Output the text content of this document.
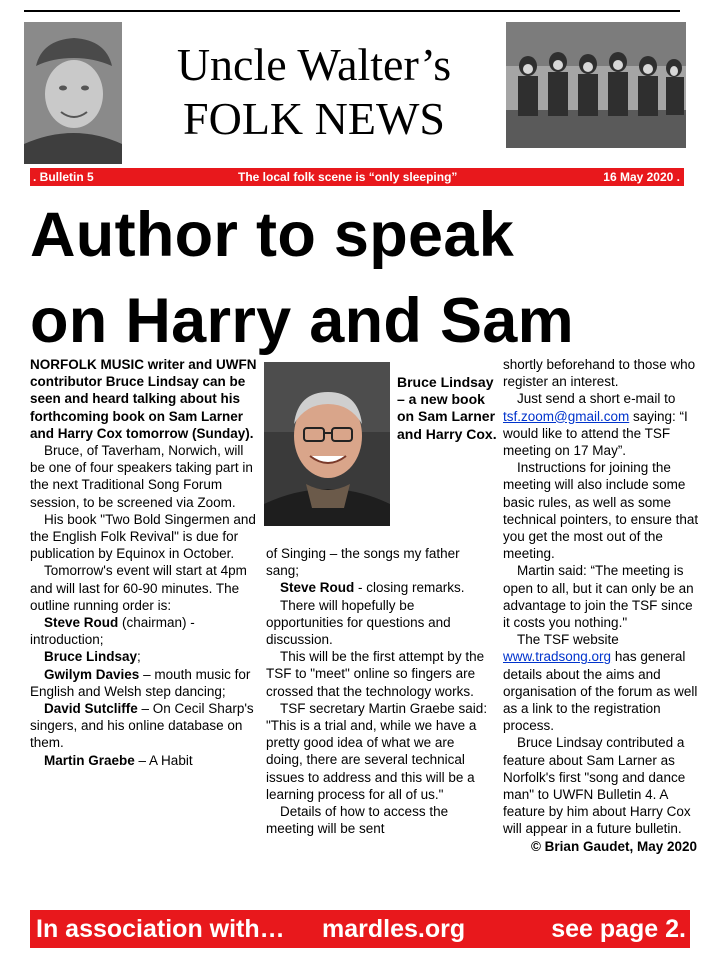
Uncle Walter’s
FOLK NEWS
. Bulletin 5	The local folk scene is “only sleeping”	16 May 2020 .
Author to speak
on Harry and Sam

NORFOLK MUSIC writer and UWFN contributor Bruce Lindsay can be seen and heard talking about his forthcoming book on Sam Larner and Harry Cox tomorrow (Sunday).

Bruce, of Taverham, Norwich, will be one of four speakers taking part in the next Traditional Song Forum session, to be screened via Zoom.

His book "Two Bold Singermen and the English Folk Revival" is due for publication by Equinox in October.

Tomorrow's event will start at 4pm and will last for 60-90 minutes. The outline running order is:

Steve Roud (chairman) - introduction;

Bruce Lindsay;

Gwilym Davies – mouth music for English and Welsh step dancing;

David Sutcliffe – On Cecil Sharp's singers, and his online database on them.

Martin Graebe – A Habit

Bruce Lindsay – a new book on Sam Larner and Harry Cox.

of Singing – the songs my father sang;

Steve Roud - closing remarks.

There will hopefully be opportunities for questions and discussion.

This will be the first attempt by the TSF to "meet" online so fingers are crossed that the technology works.

TSF secretary Martin Graebe said: "This is a trial and, while we have a pretty good idea of what we are doing, there are several technical issues to address and this will be a learning process for all of us."

Details of how to access the meeting will be sent

shortly beforehand to those who register an interest.

Just send a short e-mail to tsf.zoom@gmail.com saying: “I would like to attend the TSF meeting on 17 May”.

Instructions for joining the meeting will also include some basic rules, as well as some technical pointers, to ensure that you get the most out of the meeting.

Martin said: “The meeting is open to all, but it can only be an advantage to join the TSF since it costs you nothing."

The TSF website www.tradsong.org has general details about the aims and organisation of the forum as well as a link to the registration process.

Bruce Lindsay contributed a feature about Sam Larner as Norfolk's first "song and dance man" to UWFN Bulletin 4. A feature by him about Harry Cox will appear in a future bulletin.

© Brian Gaudet, May 2020

In association with… mardles.org	see page 2.
